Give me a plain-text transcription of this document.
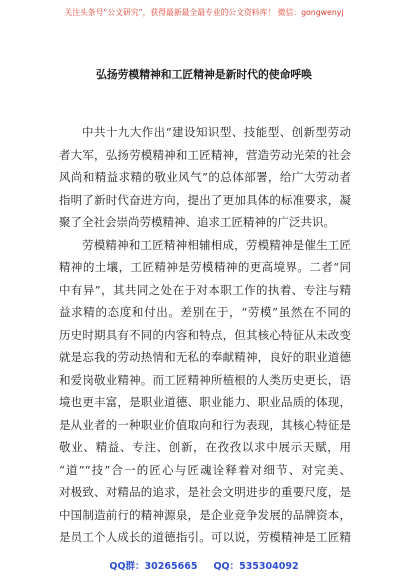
关注头条号“公文研究”，获得最新最全最专业的公文资料库！ 微信：gongwenyj
弘扬劳模精神和工匠精神是新时代的使命呼唤
中共十九大作出“建设知识型、技能型、创新型劳动
者大军，弘扬劳模精神和工匠精神，营造劳动光荣的社会
风尚和精益求精的敬业风气”的总体部署，给广大劳动者
指明了新时代奋进方向，提出了更加具体的标准要求，凝
聚了全社会崇尚劳模精神、追求工匠精神的广泛共识。
劳模精神和工匠精神相辅相成，劳模精神是催生工匠
精神的土壤，工匠精神是劳模精神的更高境界。二者“同
中有异”，其共同之处在于对本职工作的执着、专注与精
益求精的态度和付出。差别在于，“劳模”虽然在不同的
历史时期具有不同的内容和特点，但其核心特征从未改变
就是忘我的劳动热情和无私的奉献精神，良好的职业道德
和爱岗敬业精神。而工匠精神所植根的人类历史更长，语
境也更丰富，是职业道德、职业能力、职业品质的体现，
是从业者的一种职业价值取向和行为表现，其核心特征是
敬业、精益、专注、创新，在孜孜以求中展示天赋，用
“道”“技”合一的匠心与匠魂诠释着对细节、对完美、
对极致、对精品的追求，是社会文明进步的重要尺度，是
中国制造前行的精神源泉，是企业竞争发展的品牌资本，
是员工个人成长的道德指引。可以说，劳模精神是工匠精
QQ群：30265665 QQ：535304092
